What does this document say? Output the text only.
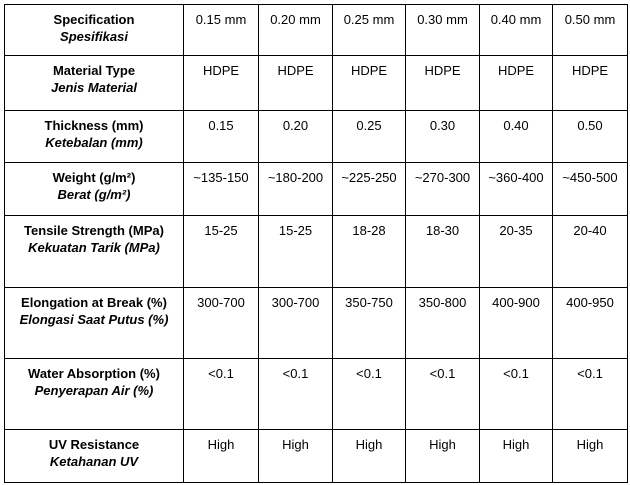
Specification
Spesifikasi	0.15 mm	0.20 mm	0.25 mm	0.30 mm	0.40 mm	0.50 mm

Material Type
Jenis Material	HDPE	HDPE	HDPE	HDPE	HDPE	HDPE

Thickness (mm)
Ketebalan (mm)	0.15	0.20	0.25	0.30	0.40	0.50

Weight (g/m²)
Berat (g/m²)	~135-150	~180-200	~225-250	~270-300	~360-400	~450-500

Tensile Strength (MPa)
Kekuatan Tarik (MPa)	15-25	15-25	18-28	18-30	20-35	20-40

Elongation at Break (%)
Elongasi Saat Putus (%)	300-700	300-700	350-750	350-800	400-900	400-950

Water Absorption (%)
Penyerapan Air (%)	<0.1	<0.1	<0.1	<0.1	<0.1	<0.1

UV Resistance
Ketahanan UV	High	High	High	High	High	High
